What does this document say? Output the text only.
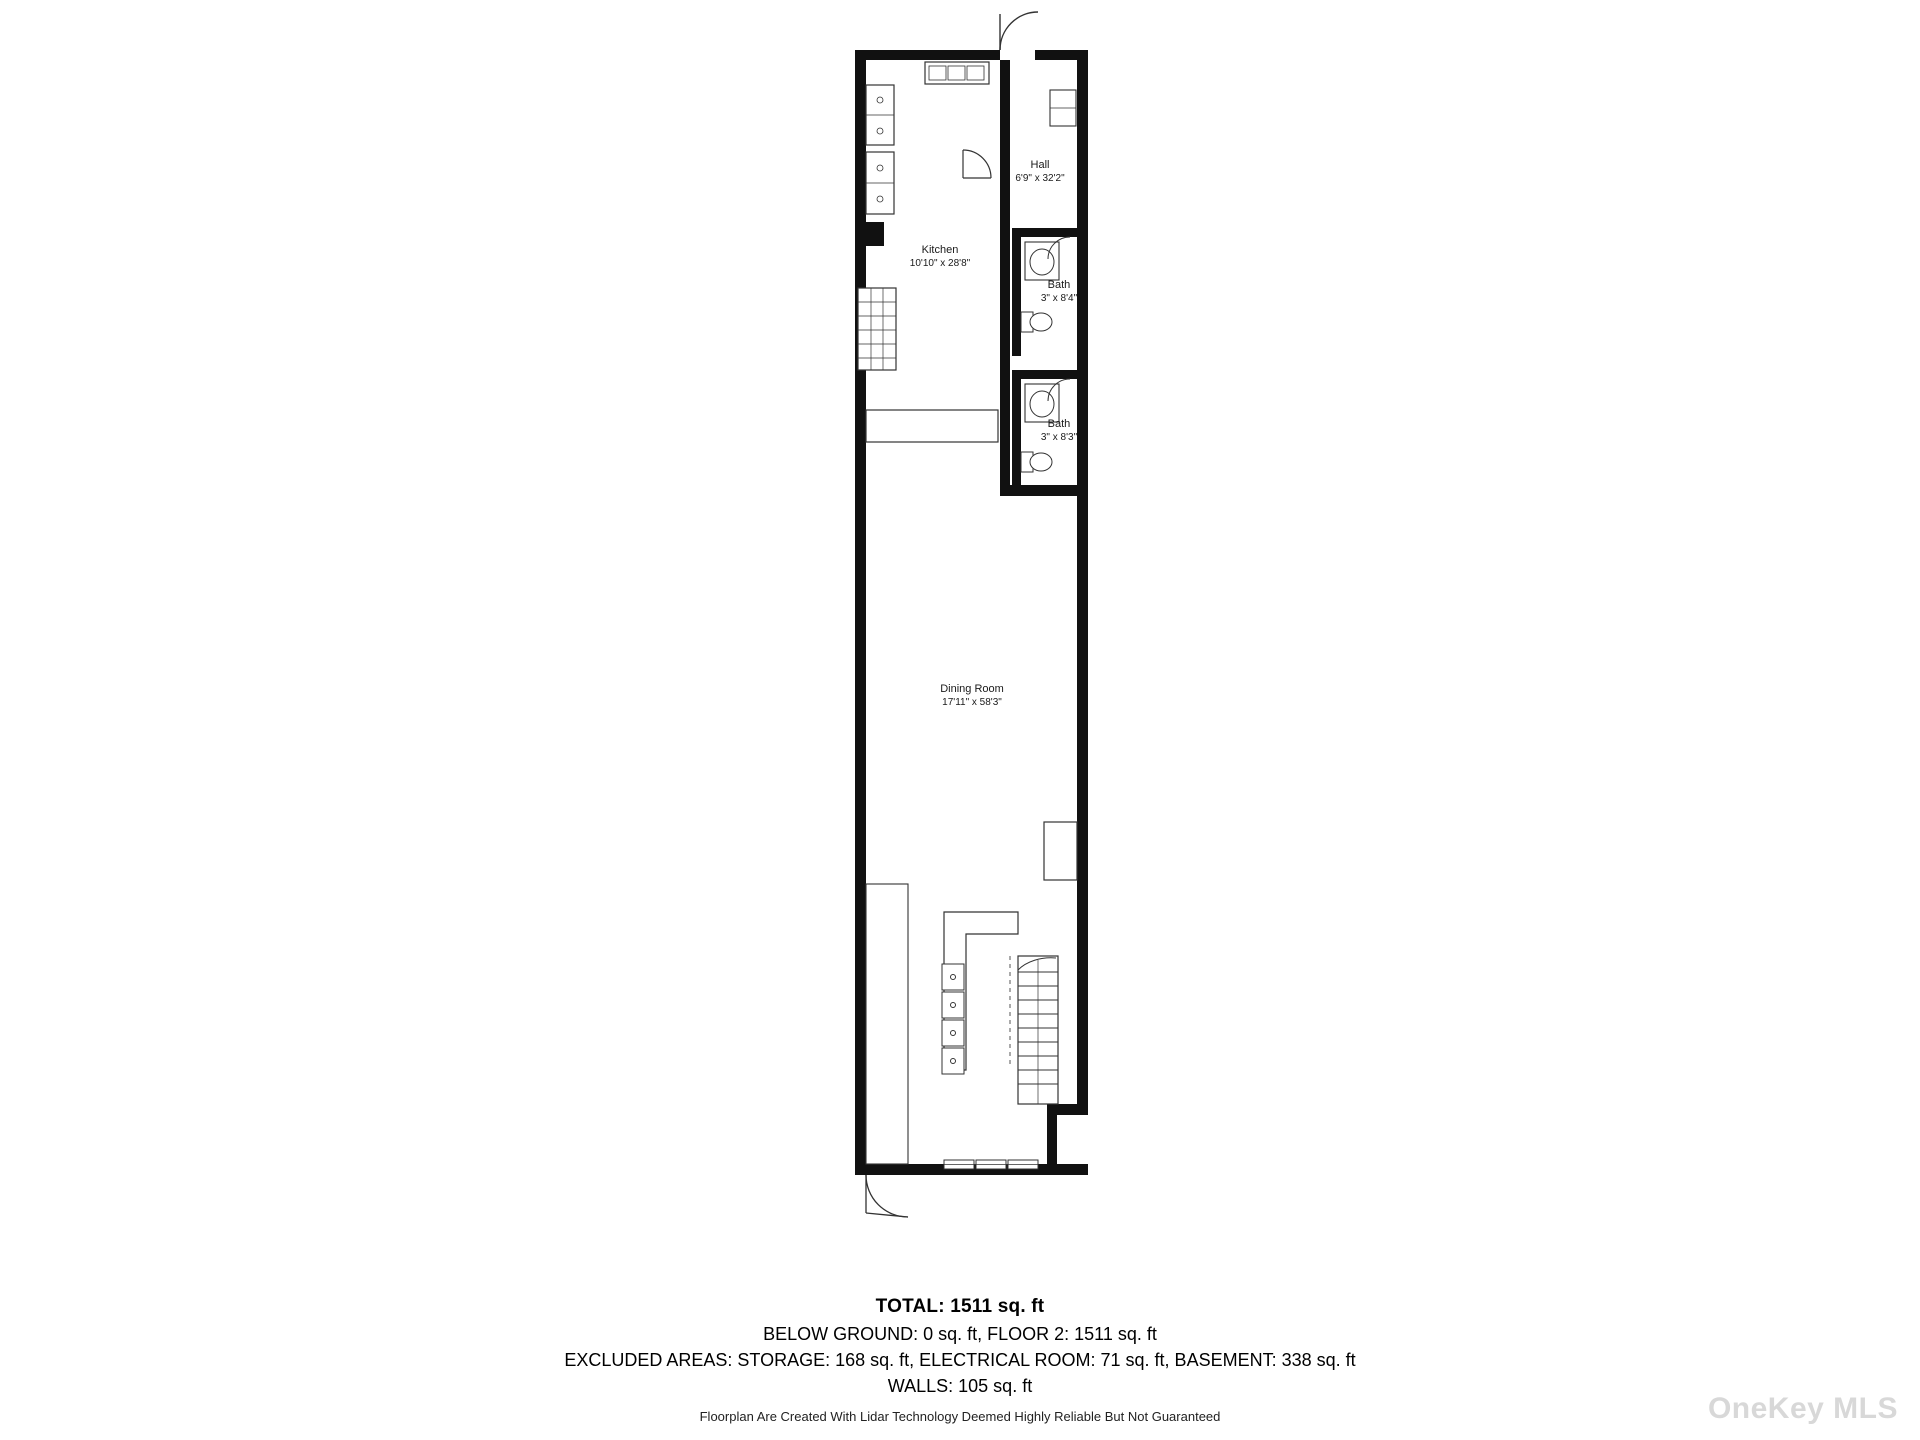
Kitchen
10'10" x 28'8"
Hall
6'9" x 32'2"
Bath
3" x 8'4"
Bath
3" x 8'3"
Dining Room
17'11" x 58'3"
TOTAL: 1511 sq. ft
BELOW GROUND: 0 sq. ft, FLOOR 2: 1511 sq. ft
EXCLUDED AREAS: STORAGE: 168 sq. ft, ELECTRICAL ROOM: 71 sq. ft, BASEMENT: 338 sq. ft
WALLS: 105 sq. ft
Floorplan Are Created With Lidar Technology Deemed Highly Reliable But Not Guaranteed	OneKey MLS
